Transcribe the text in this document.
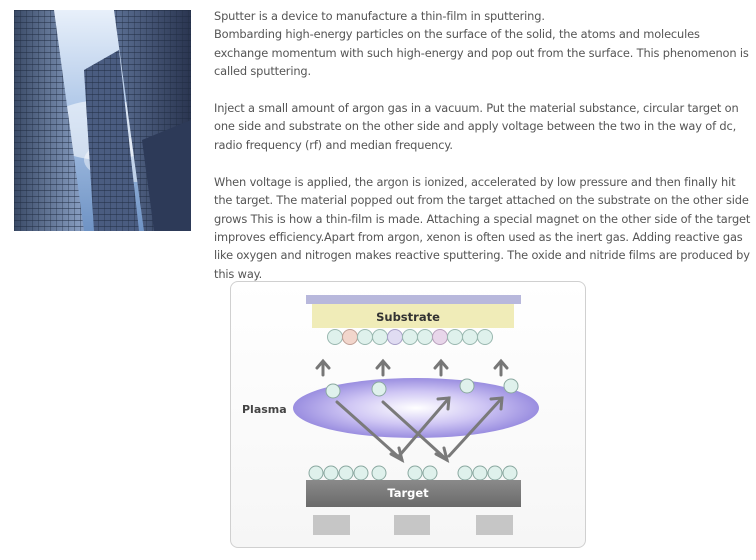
Sputter is a device to manufacture a thin-film in sputtering.
Bombarding high-energy particles on the surface of the solid, the atoms and molecules exchange momentum with such high-energy and pop out from the surface. This phenomenon is called sputtering.

Inject a small amount of argon gas in a vacuum. Put the material substance, circular target on one side and substrate on the other side and apply voltage between the two in the way of dc, radio frequency (rf) and median frequency.

When voltage is applied, the argon is ionized, accelerated by low pressure and then finally hit the target. The material popped out from the target attached on the substrate on the other side grows This is how a thin-film is made. Attaching a special magnet on the other side of the target improves efficiency.Apart from argon, xenon is often used as the inert gas. Adding reactive gas like oxygen and nitrogen makes reactive sputtering. The oxide and nitride films are produced by this way.

Substrate
Target
Plasma
